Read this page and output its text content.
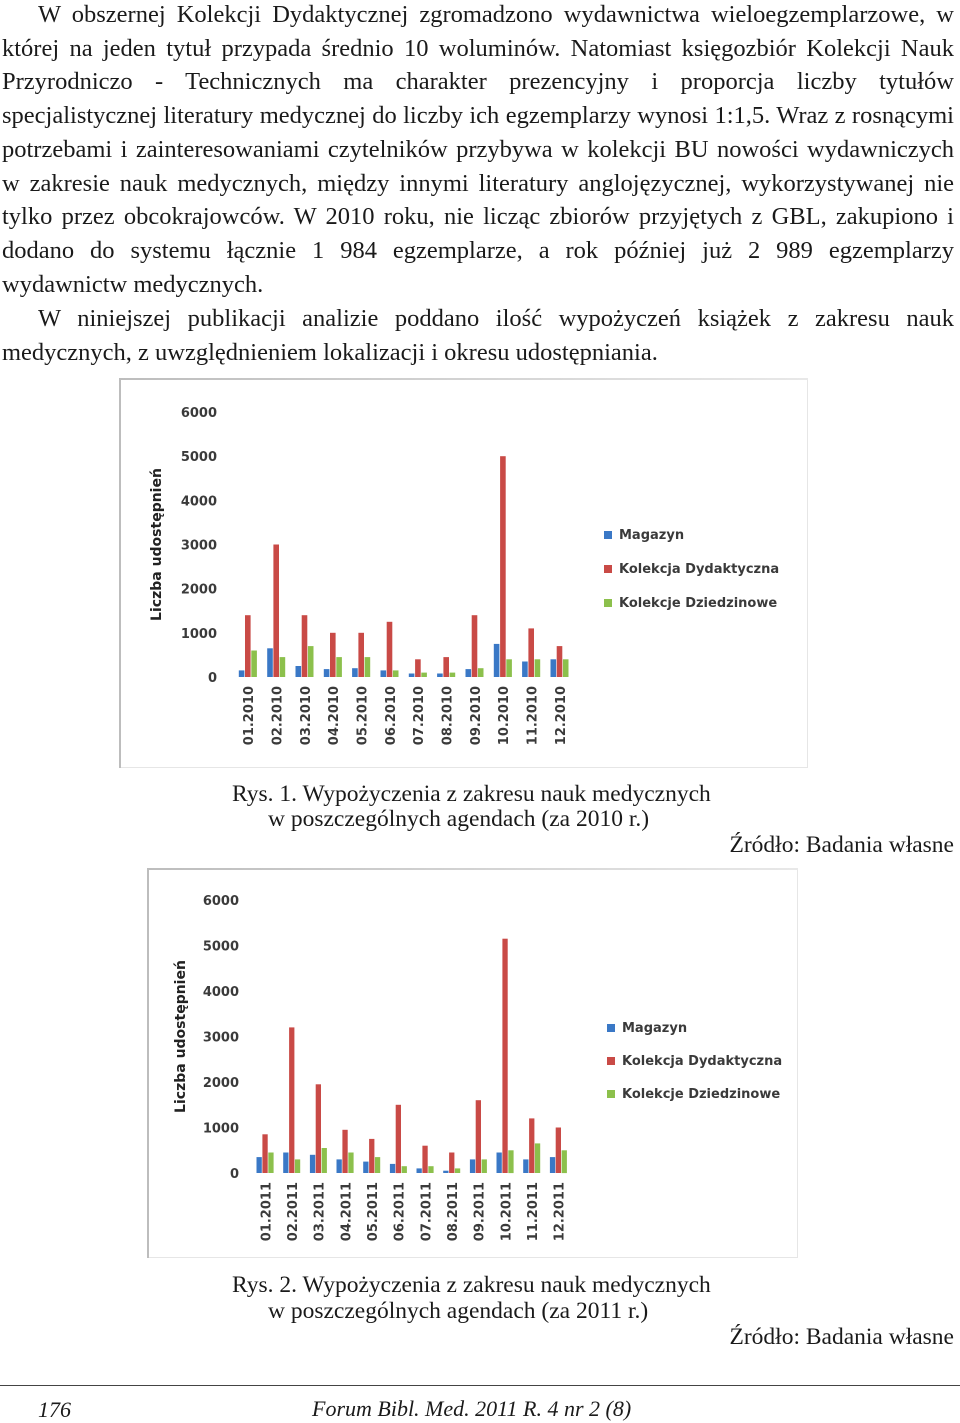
W obszernej Kolekcji Dydaktycznej zgromadzono wydawnictwa wieloegzemplarzowe, w której na jeden tytuł przypada średnio 10 woluminów. Natomiast księgozbiór Kolekcji Nauk Przyrodniczo - Technicznych ma charakter prezencyjny i proporcja liczby tytułów specjalistycznej literatury medycznej do liczby ich egzemplarzy wynosi 1:1,5. Wraz z rosnącymi potrzebami i zainteresowaniami czytelników przybywa w kolekcji BU nowości wydawniczych w zakresie nauk medycznych, między innymi literatury anglojęzycznej, wykorzystywanej nie tylko przez obcokrajowców. W 2010 roku, nie licząc zbiorów przyjętych z GBL, zakupiono i dodano do systemu łącznie 1 984 egzemplarze, a rok później już 2 989 egzemplarzy wydawnictw medycznych.

W niniejszej publikacji analizie poddano ilość wypożyczeń książek z zakresu nauk medycznych, z uwzględnieniem lokalizacji i okresu udostępniania.

6000
5000
4000
3000
2000
1000
0
Liczba udostępnień
01.2010 02.2010 03.2010 04.2010 05.2010 06.2010 07.2010 08.2010 09.2010 10.2010 11.2010 12.2010
Magazyn
Kolekcja Dydaktyczna
Kolekcje Dziedzinowe
Rys. 1. Wypożyczenia z zakresu nauk medycznych
w poszczególnych agendach (za 2010 r.)
Źródło: Badania własne
6000
5000
4000
3000
2000
1000
0
Liczba udostępnień
01.2011 02.2011 03.2011 04.2011 05.2011 06.2011 07.2011 08.2011 09.2011 10.2011 11.2011 12.2011
Magazyn
Kolekcja Dydaktyczna
Kolekcje Dziedzinowe
Rys. 2. Wypożyczenia z zakresu nauk medycznych
w poszczególnych agendach (za 2011 r.)
Źródło: Badania własne
176	Forum Bibl. Med. 2011 R. 4 nr 2 (8)
